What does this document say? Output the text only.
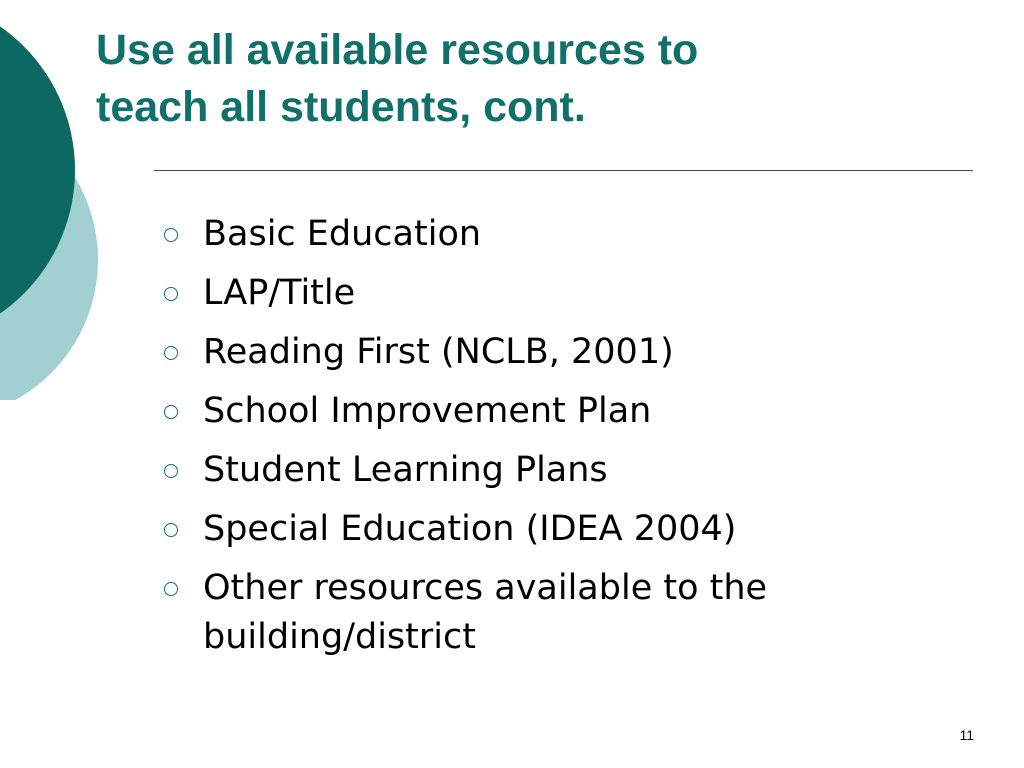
Use all available resources to
teach all students, cont.
Basic Education
LAP/Title
Reading First (NCLB, 2001)
School Improvement Plan
Student Learning Plans
Special Education (IDEA 2004)
Other resources available to the building/district
11
